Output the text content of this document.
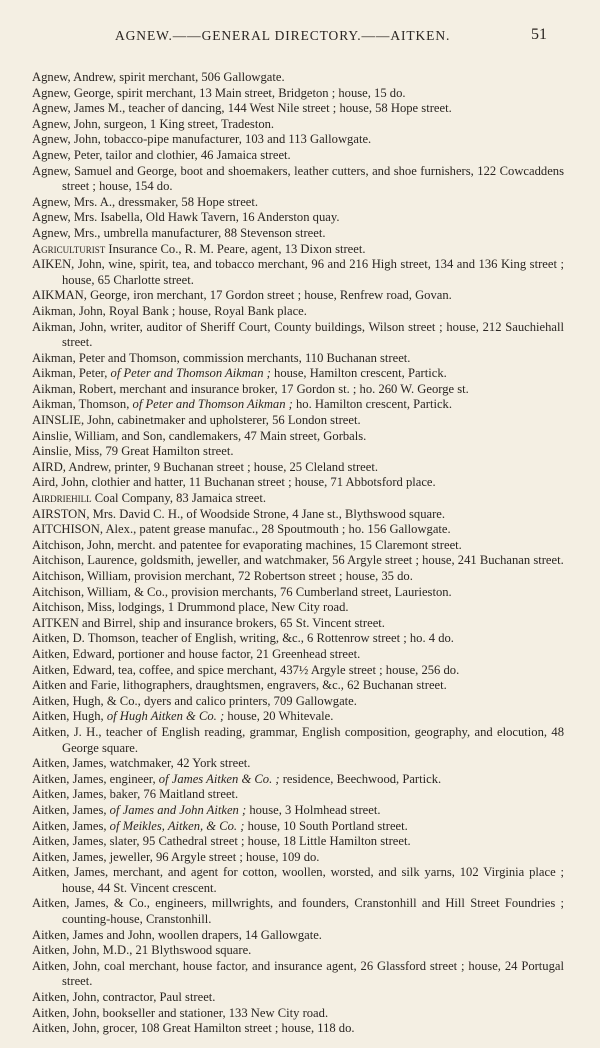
AGNEW.——GENERAL DIRECTORY.——AITKEN.	51
Agnew, Andrew, spirit merchant, 506 Gallowgate.
Agnew, George, spirit merchant, 13 Main street, Bridgeton ; house, 15 do.
Agnew, James M., teacher of dancing, 144 West Nile street ; house, 58 Hope street.
Agnew, John, surgeon, 1 King street, Tradeston.
Agnew, John, tobacco-pipe manufacturer, 103 and 113 Gallowgate.
Agnew, Peter, tailor and clothier, 46 Jamaica street.
Agnew, Samuel and George, boot and shoemakers, leather cutters, and shoe furnishers, 122 Cowcaddens street ; house, 154 do.
Agnew, Mrs. A., dressmaker, 58 Hope street.
Agnew, Mrs. Isabella, Old Hawk Tavern, 16 Anderston quay.
Agnew, Mrs., umbrella manufacturer, 88 Stevenson street.
Agriculturist Insurance Co., R. M. Peare, agent, 13 Dixon street.
AIKEN, John, wine, spirit, tea, and tobacco merchant, 96 and 216 High street, 134 and 136 King street ; house, 65 Charlotte street.
AIKMAN, George, iron merchant, 17 Gordon street ; house, Renfrew road, Govan.
Aikman, John, Royal Bank ; house, Royal Bank place.
Aikman, John, writer, auditor of Sheriff Court, County buildings, Wilson street ; house, 212 Sauchiehall street.
Aikman, Peter and Thomson, commission merchants, 110 Buchanan street.
Aikman, Peter, of Peter and Thomson Aikman ; house, Hamilton crescent, Partick.
Aikman, Robert, merchant and insurance broker, 17 Gordon st. ; ho. 260 W. George st.
Aikman, Thomson, of Peter and Thomson Aikman ; ho. Hamilton crescent, Partick.
AINSLIE, John, cabinetmaker and upholsterer, 56 London street.
Ainslie, William, and Son, candlemakers, 47 Main street, Gorbals.
Ainslie, Miss, 79 Great Hamilton street.
AIRD, Andrew, printer, 9 Buchanan street ; house, 25 Cleland street.
Aird, John, clothier and hatter, 11 Buchanan street ; house, 71 Abbotsford place.
Airdriehill Coal Company, 83 Jamaica street.
AIRSTON, Mrs. David C. H., of Woodside Strone, 4 Jane st., Blythswood square.
AITCHISON, Alex., patent grease manufac., 28 Spoutmouth ; ho. 156 Gallowgate.
Aitchison, John, mercht. and patentee for evaporating machines, 15 Claremont street.
Aitchison, Laurence, goldsmith, jeweller, and watchmaker, 56 Argyle street ; house, 241 Buchanan street.
Aitchison, William, provision merchant, 72 Robertson street ; house, 35 do.
Aitchison, William, & Co., provision merchants, 76 Cumberland street, Laurieston.
Aitchison, Miss, lodgings, 1 Drummond place, New City road.
AITKEN and Birrel, ship and insurance brokers, 65 St. Vincent street.
Aitken, D. Thomson, teacher of English, writing, &c., 6 Rottenrow street ; ho. 4 do.
Aitken, Edward, portioner and house factor, 21 Greenhead street.
Aitken, Edward, tea, coffee, and spice merchant, 437½ Argyle street ; house, 256 do.
Aitken and Farie, lithographers, draughtsmen, engravers, &c., 62 Buchanan street.
Aitken, Hugh, & Co., dyers and calico printers, 709 Gallowgate.
Aitken, Hugh, of Hugh Aitken & Co. ; house, 20 Whitevale.
Aitken, J. H., teacher of English reading, grammar, English composition, geography, and elocution, 48 George square.
Aitken, James, watchmaker, 42 York street.
Aitken, James, engineer, of James Aitken & Co. ; residence, Beechwood, Partick.
Aitken, James, baker, 76 Maitland street.
Aitken, James, of James and John Aitken ; house, 3 Holmhead street.
Aitken, James, of Meikles, Aitken, & Co. ; house, 10 South Portland street.
Aitken, James, slater, 95 Cathedral street ; house, 18 Little Hamilton street.
Aitken, James, jeweller, 96 Argyle street ; house, 109 do.
Aitken, James, merchant, and agent for cotton, woollen, worsted, and silk yarns, 102 Virginia place ; house, 44 St. Vincent crescent.
Aitken, James, & Co., engineers, millwrights, and founders, Cranstonhill and Hill Street Foundries ; counting-house, Cranstonhill.
Aitken, James and John, woollen drapers, 14 Gallowgate.
Aitken, John, M.D., 21 Blythswood square.
Aitken, John, coal merchant, house factor, and insurance agent, 26 Glassford street ; house, 24 Portugal street.
Aitken, John, contractor, Paul street.
Aitken, John, bookseller and stationer, 133 New City road.
Aitken, John, grocer, 108 Great Hamilton street ; house, 118 do.
